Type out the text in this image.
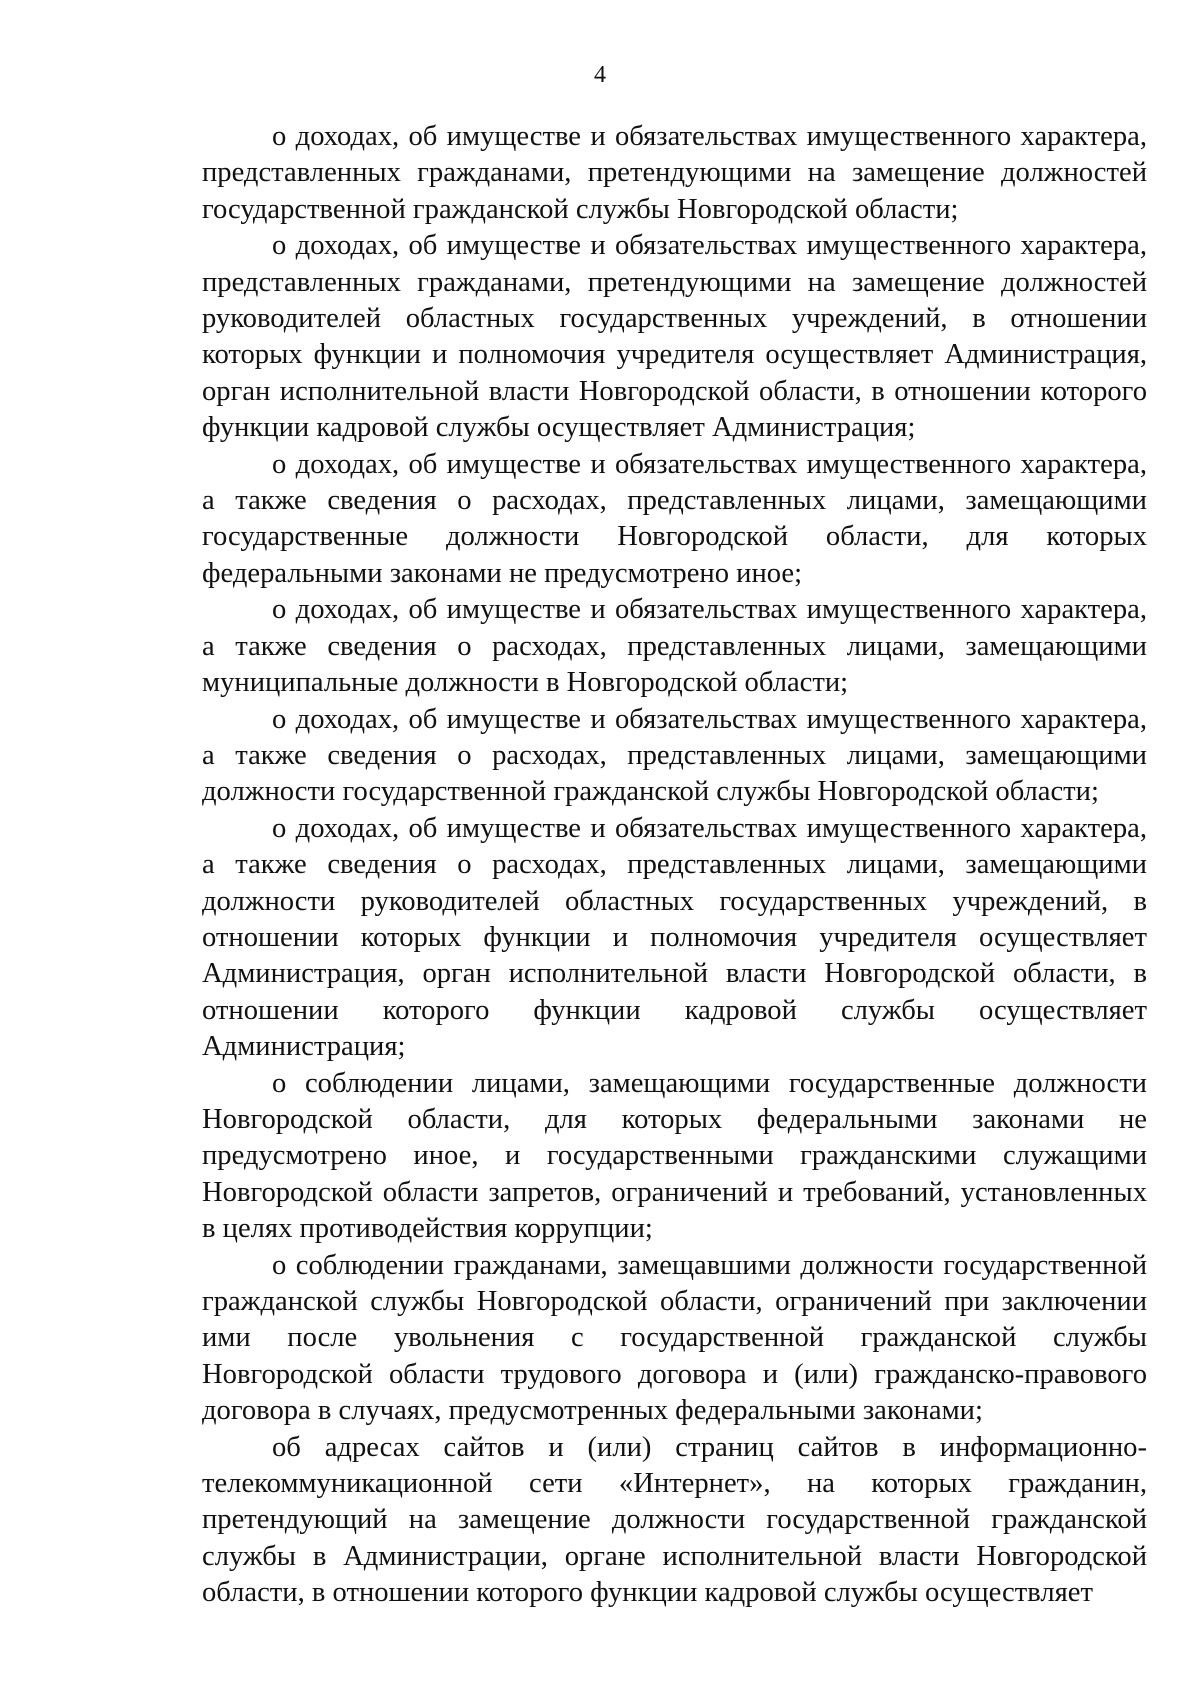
4

о доходах, об имуществе и обязательствах имущественного характера, представленных гражданами, претендующими на замещение должностей государственной гражданской службы Новгородской области;

о доходах, об имуществе и обязательствах имущественного характера, представленных гражданами, претендующими на замещение должностей руководителей областных государственных учреждений, в отношении которых функции и полномочия учредителя осуществляет Администрация, орган исполнительной власти Новгородской области, в отношении которого функции кадровой службы осуществляет Администрация;

о доходах, об имуществе и обязательствах имущественного характера, а также сведения о расходах, представленных лицами, замещающими государственные должности Новгородской области, для которых федеральными законами не предусмотрено иное;

о доходах, об имуществе и обязательствах имущественного характера, а также сведения о расходах, представленных лицами, замещающими муниципальные должности в Новгородской области;

о доходах, об имуществе и обязательствах имущественного характера, а также сведения о расходах, представленных лицами, замещающими должности государственной гражданской службы Новгородской области;

о доходах, об имуществе и обязательствах имущественного характера, а также сведения о расходах, представленных лицами, замещающими должности руководителей областных государственных учреждений, в отношении которых функции и полномочия учредителя осуществляет Администрация, орган исполнительной власти Новгородской области, в отношении которого функции кадровой службы осуществляет Администрация;

о соблюдении лицами, замещающими государственные должности Новгородской области, для которых федеральными законами не предусмотрено иное, и государственными гражданскими служащими Новгородской области запретов, ограничений и требований, установленных в целях противодействия коррупции;

о соблюдении гражданами, замещавшими должности государственной гражданской службы Новгородской области, ограничений при заключении ими после увольнения с государственной гражданской службы Новгородской области трудового договора и (или) гражданско-правового договора в случаях, предусмотренных федеральными законами;

об адресах сайтов и (или) страниц сайтов в информационно-телекоммуникационной сети «Интернет», на которых гражданин, претендующий на замещение должности государственной гражданской службы в Администрации, органе исполнительной власти Новгородской области, в отношении которого функции кадровой службы осуществляет
